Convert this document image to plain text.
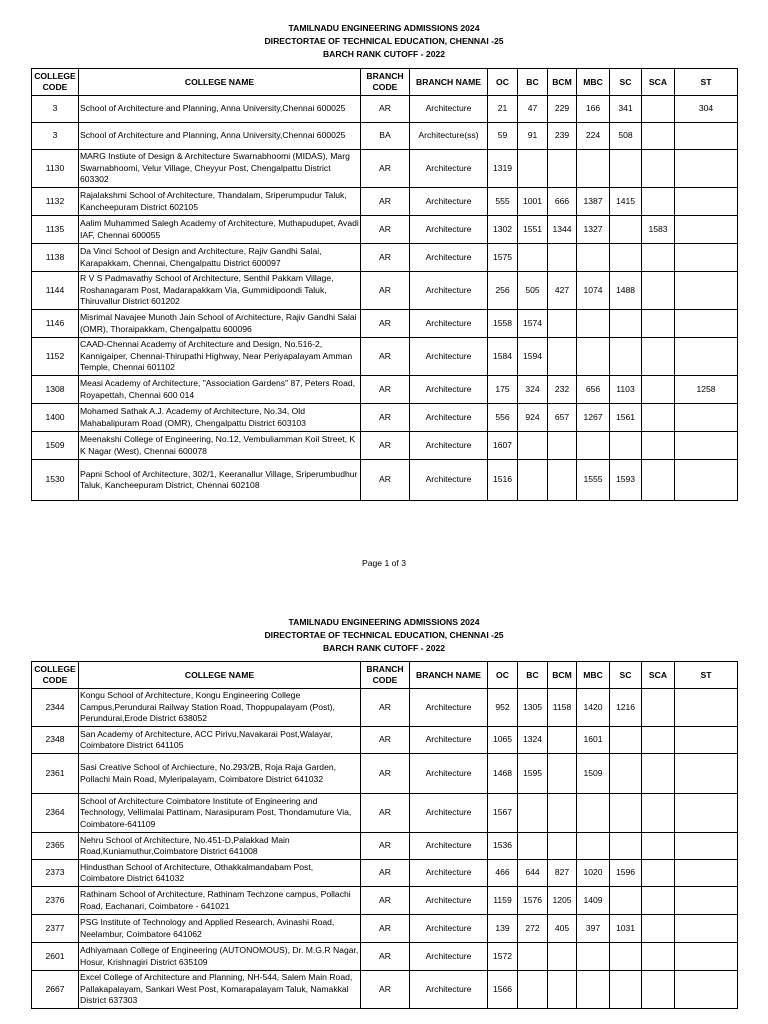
TAMILNADU ENGINEERING ADMISSIONS 2024
DIRECTORTAE OF TECHNICAL EDUCATION, CHENNAI -25
BARCH RANK CUTOFF - 2022
COLLEGE CODE	COLLEGE NAME	BRANCH CODE	BRANCH NAME	OC	BC	BCM	MBC	SC	SCA	ST
3	School of Architecture and Planning, Anna University,Chennai 600025	AR	Architecture	21	47	229	166	341		304
3	School of Architecture and Planning, Anna University,Chennai 600025	BA	Architecture(ss)	59	91	239	224	508		
1130	MARG Instiute of Design & Architecture Swarnabhoomi (MIDAS), Marg Swarnabhoomi, Velur Village, Cheyyur Post, Chengalpattu District 603302	AR	Architecture	1319						
1132	Rajalakshmi School of Architecture, Thandalam, Sriperumpudur Taluk, Kancheepuram District 602105	AR	Architecture	555	1001	666	1387	1415		
1135	Aalim Muhammed Salegh Academy of Architecture, Muthapudupet, Avadi IAF, Chennai 600055	AR	Architecture	1302	1551	1344	1327		1583	
1138	Da Vinci School of Design and Architecture, Rajiv Gandhi Salai, Karapakkam, Chennai, Chengalpattu District 600097	AR	Architecture	1575						
1144	R V S Padmavathy School of Architecture, Senthil Pakkam Village, Roshanagaram Post, Madarapakkam Via, Gummidipoondi Taluk, Thiruvallur District 601202	AR	Architecture	256	505	427	1074	1488		
1146	Misrimal Navajee Munoth Jain School of Architecture, Rajiv Gandhi Salai (OMR), Thoraipakkam, Chengalpattu 600096	AR	Architecture	1558	1574					
1152	CAAD-Chennai Academy of Architecture and Design, No.516-2, Kannigaiper, Chennai-Thirupathi Highway, Near Periyapalayam Amman Temple, Chennai 601102	AR	Architecture	1584	1594					
1308	Measi Academy of Architecture, "Association Gardens" 87, Peters Road, Royapettah, Chennai 600 014	AR	Architecture	175	324	232	656	1103		1258
1400	Mohamed Sathak A.J. Academy of Architecture, No.34, Old Mahabalipuram Road (OMR), Chengalpattu District 603103	AR	Architecture	556	924	657	1267	1561		
1509	Meenakshi College of Engineering, No.12, Vembuliamman Koil Street, K K Nagar (West), Chennai 600078	AR	Architecture	1607						
1530	Papni School of Architecture, 302/1, Keeranallur Village, Sriperumbudhur Taluk, Kancheepuram District, Chennai 602108	AR	Architecture	1516			1555	1593		
Page 1 of 3
TAMILNADU ENGINEERING ADMISSIONS 2024
DIRECTORTAE OF TECHNICAL EDUCATION, CHENNAI -25
BARCH RANK CUTOFF - 2022
COLLEGE CODE	COLLEGE NAME	BRANCH CODE	BRANCH NAME	OC	BC	BCM	MBC	SC	SCA	ST
2344	Kongu School of Architecture, Kongu Engineering College Campus,Perundurai Railway Station Road, Thoppupalayam (Post), Perundurai,Erode District 638052	AR	Architecture	952	1305	1158	1420	1216		
2348	San Academy of Architecture, ACC Pirivu,Navakarai Post,Walayar, Coimbatore District 641105	AR	Architecture	1065	1324		1601			
2361	Sasi Creative School of Archiecture, No.293/2B, Roja Raja Garden, Pollachi Main Road, Myleripalayam, Coimbatore District 641032	AR	Architecture	1468	1595		1509			
2364	School of Architecture Coimbatore Institute of Engineering and Technology, Vellimalai Pattinam, Narasipuram Post, Thondamuture Via, Coimbatore-641109	AR	Architecture	1567						
2365	Nehru School of Architecture, No.451-D,Palakkad Main Road,Kuniamuthur,Coimbatore District 641008	AR	Architecture	1536						
2373	Hindusthan School of Architecture, Othakkalmandabam Post, Coimbatore District 641032	AR	Architecture	466	644	827	1020	1596		
2376	Rathinam School of Architecture, Rathinam Techzone campus, Pollachi Road, Eachanari, Coimbatore - 641021	AR	Architecture	1159	1576	1205	1409			
2377	PSG Institute of Technology and Applied Research, Avinashi Road, Neelambur, Coimbatore 641062	AR	Architecture	139	272	405	397	1031		
2601	Adhiyamaan College of Engineering (AUTONOMOUS), Dr. M.G.R Nagar, Hosur, Krishnagiri District 635109	AR	Architecture	1572						
2667	Excel College of Architecture and Planning, NH-544, Salem Main Road, Pallakapalayam, Sankari West Post, Komarapalayam Taluk, Namakkal District 637303	AR	Architecture	1566						
